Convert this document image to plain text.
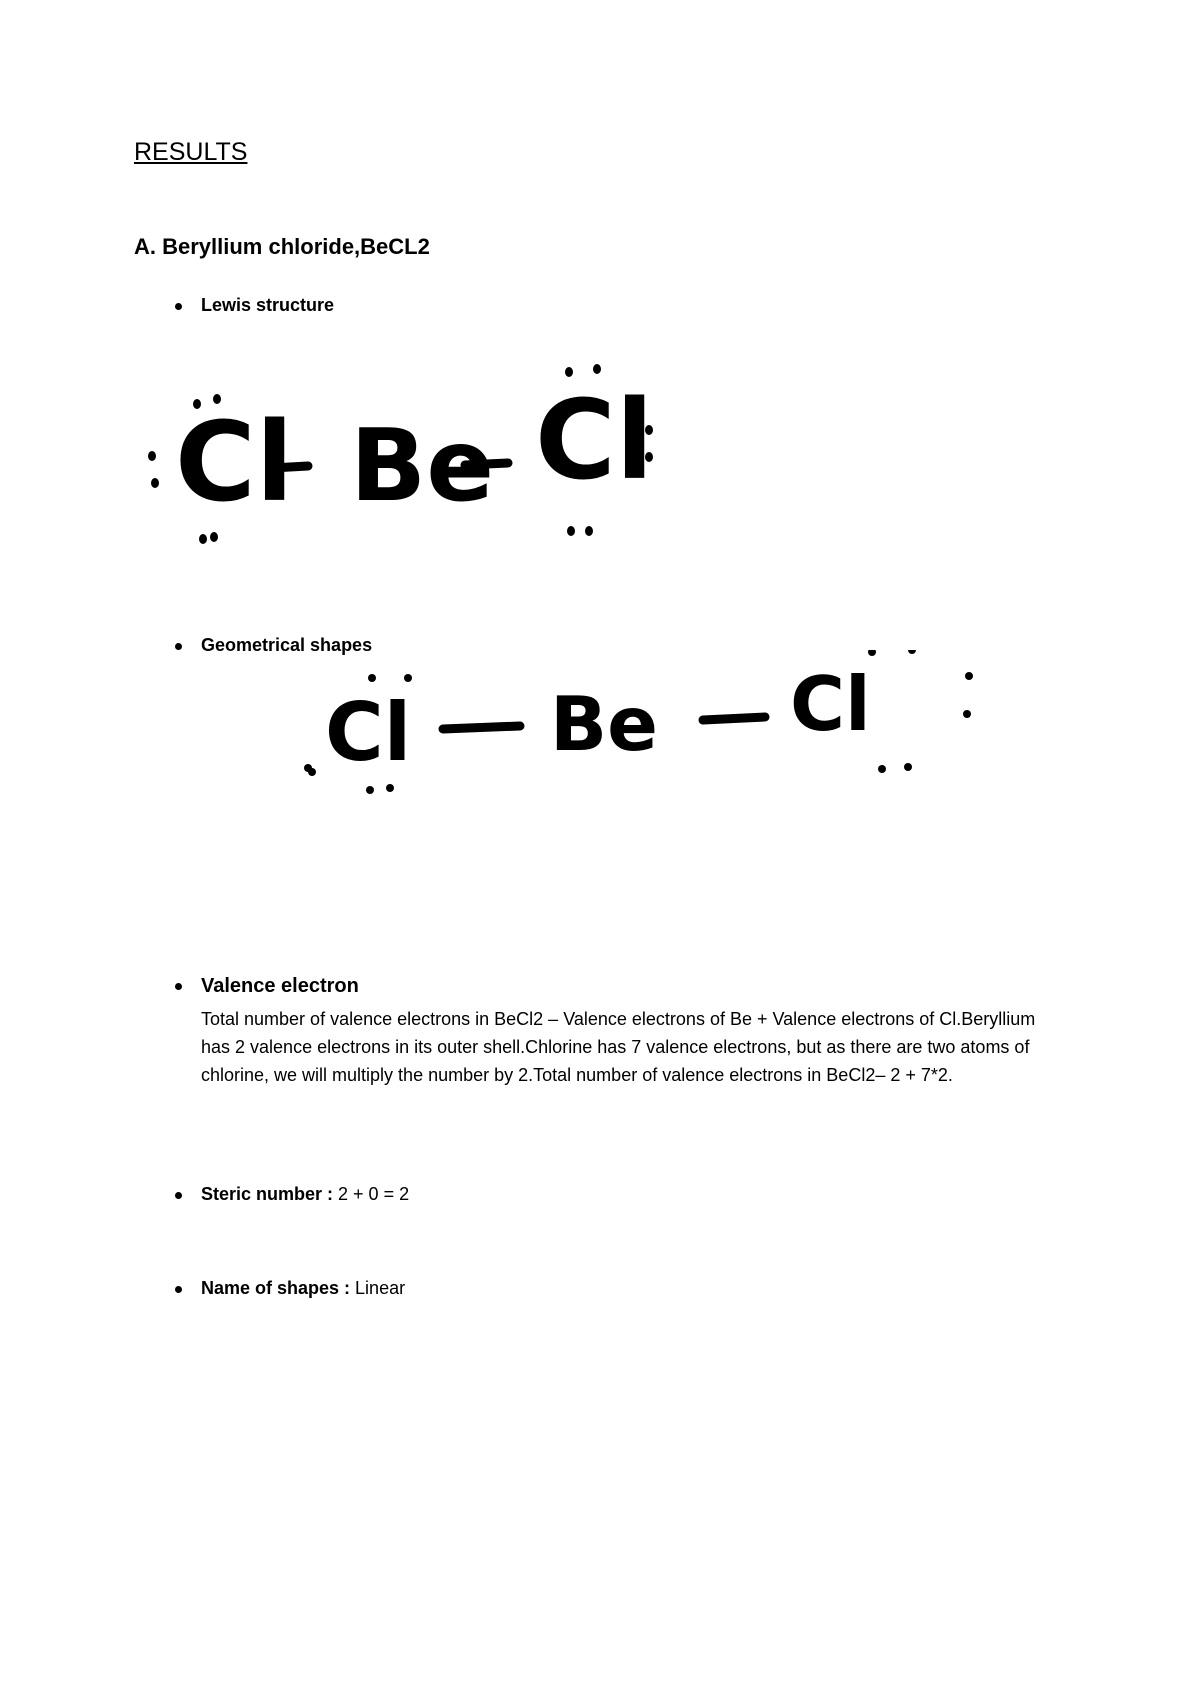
RESULTS
A. Beryllium chloride,BeCL2
Lewis structure
Cl Be Cl
Geometrical shapes
Cl Be Cl
Valence electron
Total number of valence electrons in BeCl2 – Valence electrons of Be + Valence electrons of Cl.Beryllium has 2 valence electrons in its outer shell.Chlorine has 7 valence electrons, but as there are two atoms of chlorine, we will multiply the number by 2.Total number of valence electrons in BeCl2– 2 + 7*2.
Steric number : 2 + 0 = 2
Name of shapes : Linear
